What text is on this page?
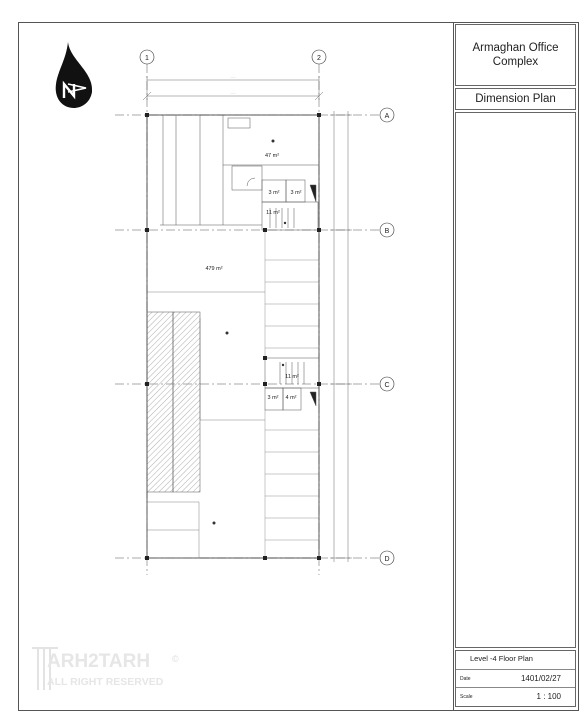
Armaghan Office Complex
Dimension Plan
Level -4 Floor Plan
Date	1401/02/27
Scale	1 : 100
1	2
A
B
C
D
·····
·····
47 m²
3 m² 3 m²
11 m²
479 m²
11 m²
3 m² 4 m²
ARH2TARH
ALL RIGHT RESERVED
©
